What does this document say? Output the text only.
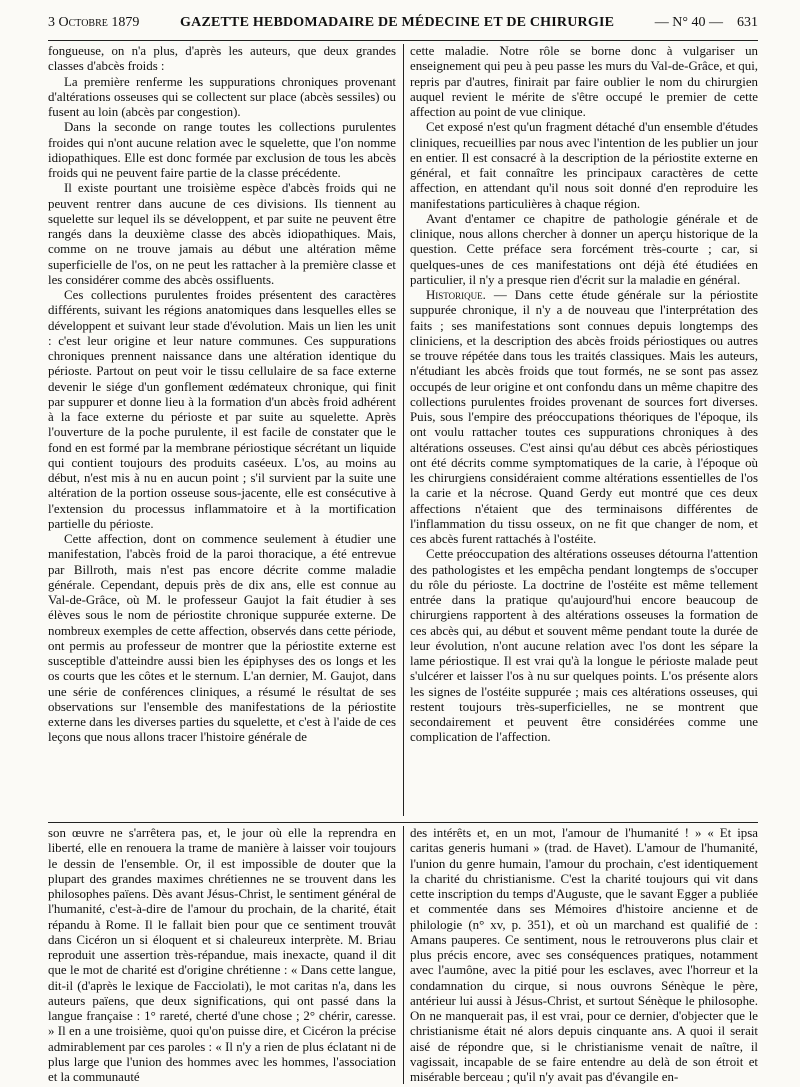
3 Octobre 1879	GAZETTE HEBDOMADAIRE DE MÉDECINE ET DE CHIRURGIE	— N° 40 — 631

fongueuse, on n'a plus, d'après les auteurs, que deux grandes classes d'abcès froids :

La première renferme les suppurations chroniques provenant d'altérations osseuses qui se collectent sur place (abcès sessiles) ou fusent au loin (abcès par congestion).

Dans la seconde on range toutes les collections purulentes froides qui n'ont aucune relation avec le squelette, que l'on nomme idiopathiques. Elle est donc formée par exclusion de tous les abcès froids qui ne peuvent faire partie de la classe précédente.

Il existe pourtant une troisième espèce d'abcès froids qui ne peuvent rentrer dans aucune de ces divisions. Ils tiennent au squelette sur lequel ils se développent, et par suite ne peuvent être rangés dans la deuxième classe des abcès idiopathiques. Mais, comme on ne trouve jamais au début une altération même superficielle de l'os, on ne peut les rattacher à la première classe et les considérer comme des abcès ossifluents.

Ces collections purulentes froides présentent des caractères différents, suivant les régions anatomiques dans lesquelles elles se développent et suivant leur stade d'évolution. Mais un lien les unit : c'est leur origine et leur nature communes. Ces suppurations chroniques prennent naissance dans une altération identique du périoste. Partout on peut voir le tissu cellulaire de sa face externe devenir le siége d'un gonflement œdémateux chronique, qui finit par suppurer et donne lieu à la formation d'un abcès froid adhérent à la face externe du périoste et par suite au squelette. Après l'ouverture de la poche purulente, il est facile de constater que le fond en est formé par la membrane périostique sécrétant un liquide qui contient toujours des produits caséeux. L'os, au moins au début, n'est mis à nu en aucun point ; s'il survient par la suite une altération de la portion osseuse sous-jacente, elle est consécutive à l'extension du processus inflammatoire et à la mortification partielle du périoste.

Cette affection, dont on commence seulement à étudier une manifestation, l'abcès froid de la paroi thoracique, a été entrevue par Billroth, mais n'est pas encore décrite comme maladie générale. Cependant, depuis près de dix ans, elle est connue au Val-de-Grâce, où M. le professeur Gaujot la fait étudier à ses élèves sous le nom de périostite chronique suppurée externe. De nombreux exemples de cette affection, observés dans cette période, ont permis au professeur de montrer que la périostite externe est susceptible d'atteindre aussi bien les épiphyses des os longs et les os courts que les côtes et le sternum. L'an dernier, M. Gaujot, dans une série de conférences cliniques, a résumé le résultat de ses observations sur l'ensemble des manifestations de la périostite externe dans les diverses parties du squelette, et c'est à l'aide de ces leçons que nous allons tracer l'histoire générale de

cette maladie. Notre rôle se borne donc à vulgariser un enseignement qui peu à peu passe les murs du Val-de-Grâce, et qui, repris par d'autres, finirait par faire oublier le nom du chirurgien auquel revient le mérite de s'être occupé le premier de cette affection au point de vue clinique.

Cet exposé n'est qu'un fragment détaché d'un ensemble d'études cliniques, recueillies par nous avec l'intention de les publier un jour en entier. Il est consacré à la description de la périostite externe en général, et fait connaître les principaux caractères de cette affection, en attendant qu'il nous soit donné d'en reproduire les manifestations particulières à chaque région.

Avant d'entamer ce chapitre de pathologie générale et de clinique, nous allons chercher à donner un aperçu historique de la question. Cette préface sera forcément très-courte ; car, si quelques-unes de ces manifestations ont déjà été étudiées en particulier, il n'y a presque rien d'écrit sur la maladie en général.

Historique. — Dans cette étude générale sur la périostite suppurée chronique, il n'y a de nouveau que l'interprétation des faits ; ses manifestations sont connues depuis longtemps des cliniciens, et la description des abcès froids périostiques ou autres se trouve répétée dans tous les traités classiques. Mais les auteurs, n'étudiant les abcès froids que tout formés, ne se sont pas assez occupés de leur origine et ont confondu dans un même chapitre des collections purulentes froides provenant de sources fort diverses. Puis, sous l'empire des préoccupations théoriques de l'époque, ils ont voulu rattacher toutes ces suppurations chroniques à des altérations osseuses. C'est ainsi qu'au début ces abcès périostiques ont été décrits comme symptomatiques de la carie, à l'époque où les chirurgiens considéraient comme altérations essentielles de l'os la carie et la nécrose. Quand Gerdy eut montré que ces deux affections n'étaient que des terminaisons différentes de l'inflammation du tissu osseux, on ne fit que changer de nom, et ces abcès furent rattachés à l'ostéite.

Cette préoccupation des altérations osseuses détourna l'attention des pathologistes et les empêcha pendant longtemps de s'occuper du rôle du périoste. La doctrine de l'ostéite est même tellement entrée dans la pratique qu'aujourd'hui encore beaucoup de chirurgiens rapportent à des altérations osseuses la formation de ces abcès qui, au début et souvent même pendant toute la durée de leur évolution, n'ont aucune relation avec l'os dont les sépare la lame périostique. Il est vrai qu'à la longue le périoste malade peut s'ulcérer et laisser l'os à nu sur quelques points. L'os présente alors les signes de l'ostéite suppurée ; mais ces altérations osseuses, qui restent toujours très-superficielles, ne se montrent que secondairement et peuvent être considérées comme une complication de l'affection.

son œuvre ne s'arrêtera pas, et, le jour où elle la reprendra en liberté, elle en renouera la trame de manière à laisser voir toujours le dessin de l'ensemble. Or, il est impossible de douter que la plupart des grandes maximes chrétiennes ne se trouvent dans les philosophes païens. Dès avant Jésus-Christ, le sentiment général de l'humanité, c'est-à-dire de l'amour du prochain, de la charité, était répandu à Rome. Il le fallait bien pour que ce sentiment trouvât dans Cicéron un si éloquent et si chaleureux interprète. M. Briau reproduit une assertion très-répandue, mais inexacte, quand il dit que le mot de charité est d'origine chrétienne : « Dans cette langue, dit-il (d'après le lexique de Facciolati), le mot caritas n'a, dans les auteurs païens, que deux significations, qui ont passé dans la langue française : 1° rareté, cherté d'une chose ; 2° chérir, caresse. » Il en a une troisième, quoi qu'on puisse dire, et Cicéron la précise admirablement par ces paroles : « Il n'y a rien de plus éclatant ni de plus large que l'union des hommes avec les hommes, l'association et la communauté

des intérêts et, en un mot, l'amour de l'humanité ! » « Et ipsa caritas generis humani » (trad. de Havet). L'amour de l'humanité, l'union du genre humain, l'amour du prochain, c'est identiquement la charité du christianisme. C'est la charité toujours qui vit dans cette inscription du temps d'Auguste, que le savant Egger a publiée et commentée dans ses Mémoires d'histoire ancienne et de philologie (n° xv, p. 351), et où un marchand est qualifié de : Amans pauperes. Ce sentiment, nous le retrouverons plus clair et plus précis encore, avec ses conséquences pratiques, notamment avec l'aumône, avec la pitié pour les esclaves, avec l'horreur et la condamnation du cirque, si nous ouvrons Sénèque le père, antérieur lui aussi à Jésus-Christ, et surtout Sénèque le philosophe. On ne manquerait pas, il est vrai, pour ce dernier, d'objecter que le christianisme était né alors depuis cinquante ans. A quoi il serait aisé de répondre que, si le christianisme venait de naître, il vagissait, incapable de se faire entendre au delà de son étroit et misérable berceau ; qu'il n'y avait pas d'évangile en-
